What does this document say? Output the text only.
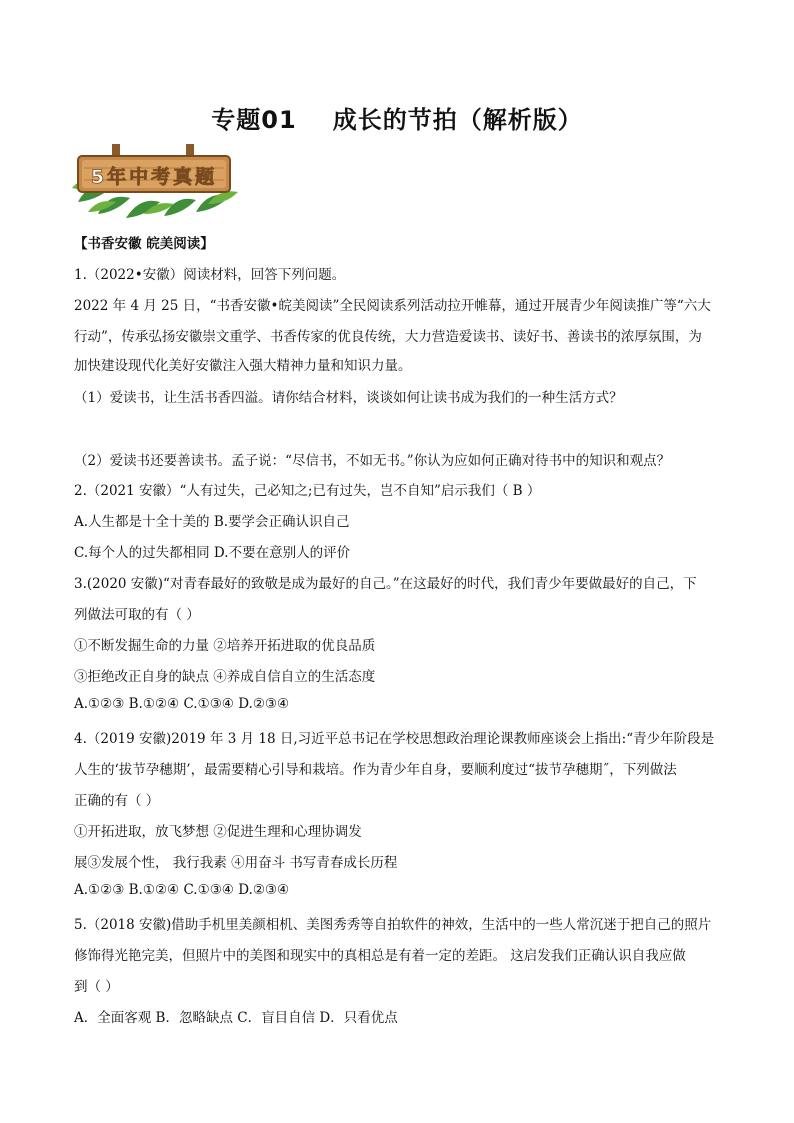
专题01 成长的节拍（解析版）
5年中考真题
【书香安徽 皖美阅读】
1.（2022•安徽）阅读材料，回答下列问题。
2022 年 4 月 25 日，“书香安徽•皖美阅读”全民阅读系列活动拉开帷幕，通过开展青少年阅读推广等“六大
行动”，传承弘扬安徽崇文重学、书香传家的优良传统，大力营造爱读书、读好书、善读书的浓厚氛围，为
加快建设现代化美好安徽注入强大精神力量和知识力量。
（1）爱读书，让生活书香四溢。请你结合材料，谈谈如何让读书成为我们的一种生活方式？
（2）爱读书还要善读书。孟子说：“尽信书，不如无书。”你认为应如何正确对待书中的知识和观点？
2.（2021 安徽）“人有过失，己必知之;已有过失，岂不自知”启示我们（ B ）
A.人生都是十全十美的 B.要学会正确认识自己
C.每个人的过失都相同 D.不要在意别人的评价
3.(2020 安徽)“对青春最好的致敬是成为最好的自己。”在这最好的时代，我们青少年要做最好的自己，下
列做法可取的有（ ）
①不断发掘生命的力量 ②培养开拓进取的优良品质
③拒绝改正自身的缺点 ④养成自信自立的生活态度
A.①②③ B.①②④ C.①③④ D.②③④
4.（2019 安徽)2019 年 3 月 18 日,习近平总书记在学校思想政治理论课教师座谈会上指出:“青少年阶段是
人生的‘拔节孕穗期’，最需要精心引导和栽培。作为青少年自身，要顺利度过“拔节孕穗期˝，下列做法
正确的有（ ）
①开拓进取，放飞梦想 ②促进生理和心理协调发
展③发展个性， 我行我素 ④用奋斗 书写青春成长历程
A.①②③ B.①②④ C.①③④ D.②③④
5.（2018 安徽)借助手机里美颜相机、美图秀秀等自拍软件的神效，生活中的一些人常沉迷于把自己的照片
修饰得光艳完美，但照片中的美图和现实中的真相总是有着一定的差距。 这启发我们正确认识自我应做
到（ ）
A．全面客观 B．忽略缺点 C．盲目自信 D．只看优点
